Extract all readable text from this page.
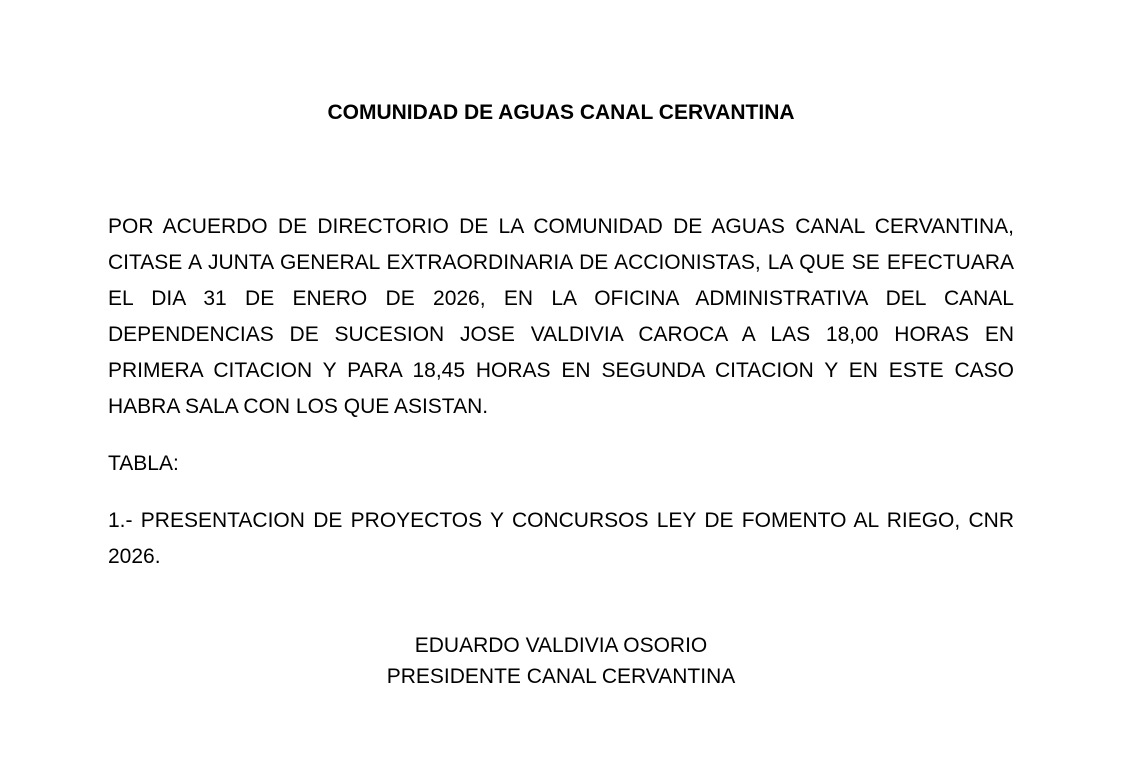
COMUNIDAD DE AGUAS CANAL CERVANTINA
POR ACUERDO DE DIRECTORIO DE LA COMUNIDAD DE AGUAS CANAL CERVANTINA, CITASE A JUNTA GENERAL EXTRAORDINARIA DE ACCIONISTAS, LA QUE SE EFECTUARA EL DIA 31 DE ENERO DE 2026, EN LA OFICINA ADMINISTRATIVA DEL CANAL DEPENDENCIAS DE SUCESION JOSE VALDIVIA CAROCA A LAS 18,00 HORAS EN PRIMERA CITACION Y PARA 18,45 HORAS EN SEGUNDA CITACION Y EN ESTE CASO HABRA SALA CON LOS QUE ASISTAN.
TABLA:
1.- PRESENTACION DE PROYECTOS Y CONCURSOS LEY DE FOMENTO AL RIEGO, CNR 2026.
EDUARDO VALDIVIA OSORIO
PRESIDENTE CANAL CERVANTINA
